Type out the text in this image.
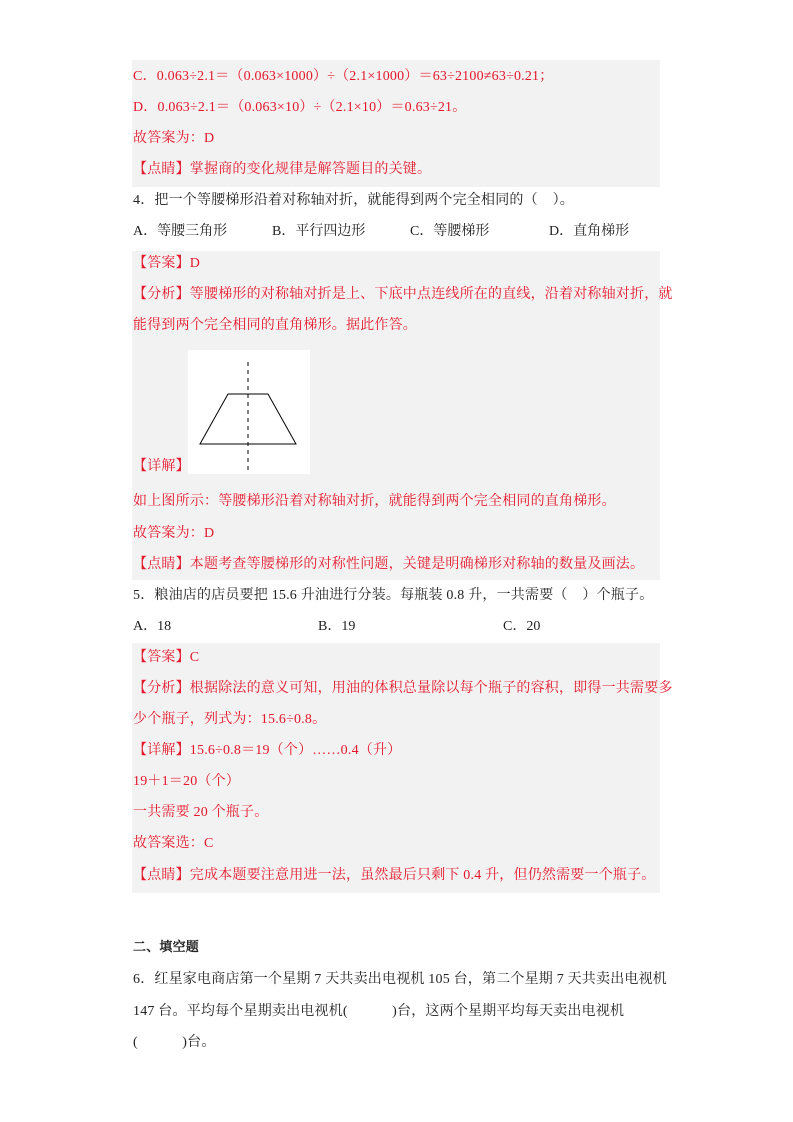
C．0.063÷2.1＝（0.063×1000）÷（2.1×1000）＝63÷2100≠63÷0.21；
D．0.063÷2.1＝（0.063×10）÷（2.1×10）＝0.63÷21。
故答案为：D
【点睛】掌握商的变化规律是解答题目的关键。
4．把一个等腰梯形沿着对称轴对折，就能得到两个完全相同的（    ）。
A．等腰三角形	B．平行四边形	C．等腰梯形	D．直角梯形
【答案】D
【分析】等腰梯形的对称轴对折是上、下底中点连线所在的直线，沿着对称轴对折，就
能得到两个完全相同的直角梯形。据此作答。
【详解】
如上图所示：等腰梯形沿着对称轴对折，就能得到两个完全相同的直角梯形。
故答案为：D
【点睛】本题考查等腰梯形的对称性问题，关键是明确梯形对称轴的数量及画法。
5．粮油店的店员要把 15.6 升油进行分装。每瓶装 0.8 升，一共需要（    ）个瓶子。
A．18	B．19	C．20
【答案】C
【分析】根据除法的意义可知，用油的体积总量除以每个瓶子的容积，即得一共需要多
少个瓶子，列式为：15.6÷0.8。
【详解】15.6÷0.8＝19（个）……0.4（升）
19＋1＝20（个）
一共需要 20 个瓶子。
故答案选：C
【点睛】完成本题要注意用进一法，虽然最后只剩下 0.4 升，但仍然需要一个瓶子。
二、填空题
6．红星家电商店第一个星期 7 天共卖出电视机 105 台，第二个星期 7 天共卖出电视机
147 台。平均每个星期卖出电视机(            )台，这两个星期平均每天卖出电视机
(            )台。
